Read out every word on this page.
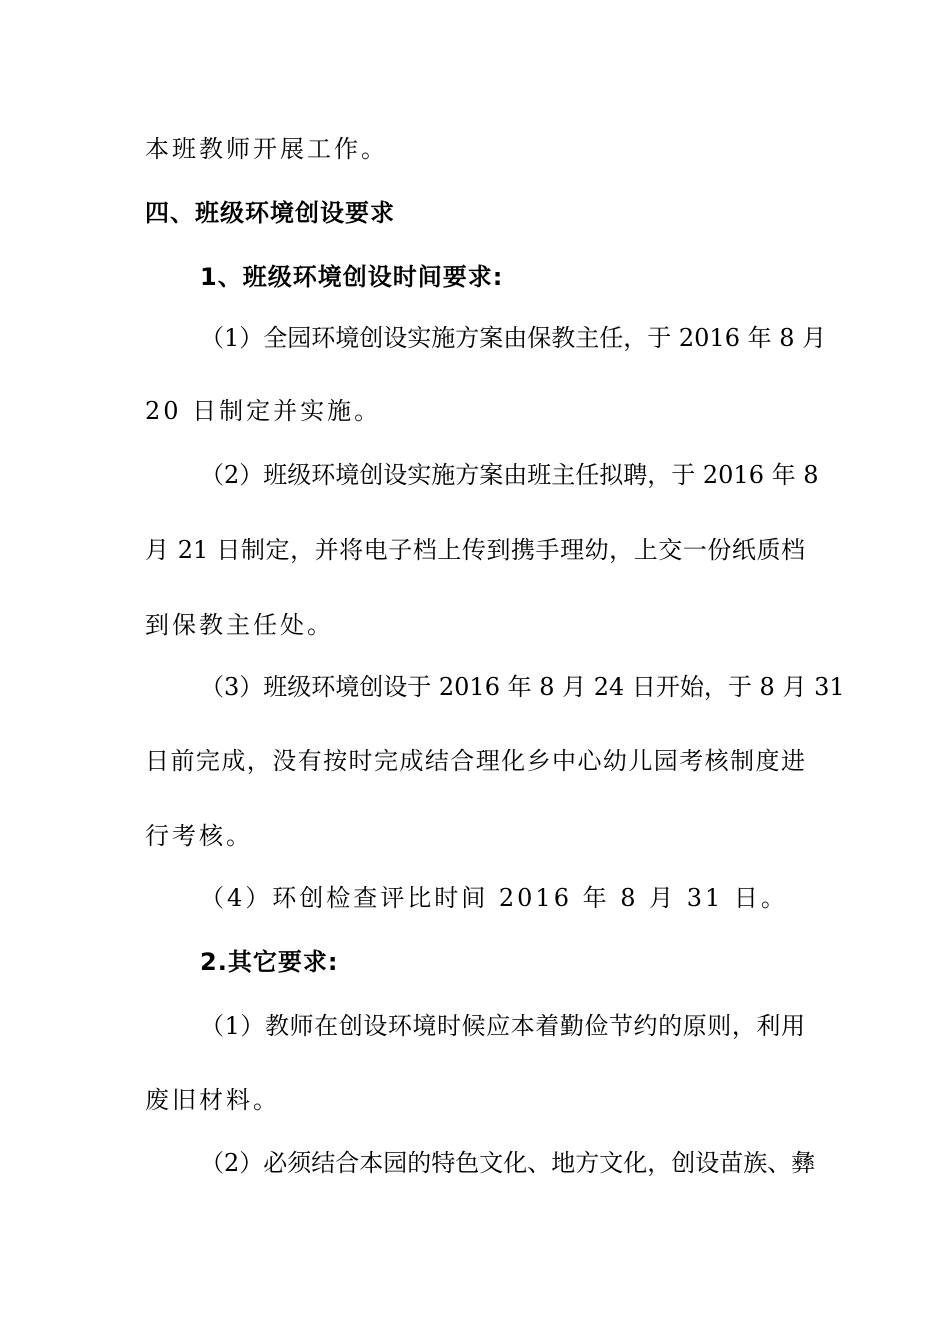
本班教师开展工作。
四、班级环境创设要求
1、班级环境创设时间要求:
（1）全园环境创设实施方案由保教主任，于 2016 年 8 月
20 日制定并实施。
（2）班级环境创设实施方案由班主任拟聘，于 2016 年 8
月 21 日制定，并将电子档上传到携手理幼，上交一份纸质档
到保教主任处。
（3）班级环境创设于 2016 年 8 月 24 日开始，于 8 月 31
日前完成，没有按时完成结合理化乡中心幼儿园考核制度进
行考核。
（4）环创检查评比时间 2016 年 8 月 31 日。
2.其它要求:
（1）教师在创设环境时候应本着勤俭节约的原则，利用
废旧材料。
（2）必须结合本园的特色文化、地方文化，创设苗族、彝
